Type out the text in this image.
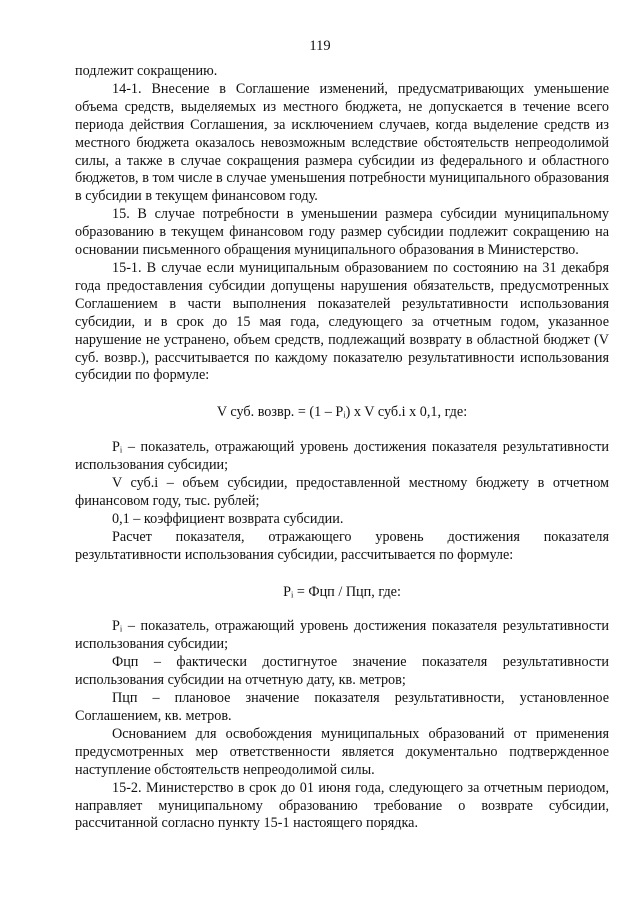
119

подлежит сокращению.

14-1. Внесение в Соглашение изменений, предусматривающих уменьшение объема средств, выделяемых из местного бюджета, не допускается в течение всего периода действия Соглашения, за исключением случаев, когда выделение средств из местного бюджета оказалось невозможным вследствие обстоятельств непреодолимой силы, а также в случае сокращения размера субсидии из федерального и областного бюджетов, в том числе в случае уменьшения потребности муниципального образования в субсидии в текущем финансовом году.

15. В случае потребности в уменьшении размера субсидии муниципальному образованию в текущем финансовом году размер субсидии подлежит сокращению на основании письменного обращения муниципального образования в Министерство.

15-1. В случае если муниципальным образованием по состоянию на 31 декабря года предоставления субсидии допущены нарушения обязательств, предусмотренных Соглашением в части выполнения показателей результативности использования субсидии, и в срок до 15 мая года, следующего за отчетным годом, указанное нарушение не устранено, объем средств, подлежащий возврату в областной бюджет (V суб. возвр.), рассчитывается по каждому показателю результативности использования субсидии по формуле:

V суб. возвр. = (1 – Pᵢ) x V суб.i x 0,1, где:

Pᵢ – показатель, отражающий уровень достижения показателя результативности использования субсидии;

V суб.i – объем субсидии, предоставленной местному бюджету в отчетном финансовом году, тыс. рублей;

0,1 – коэффициент возврата субсидии.

Расчет показателя, отражающего уровень достижения показателя результативности использования субсидии, рассчитывается по формуле:

Pᵢ = Фцп / Пцп, где:

Pᵢ – показатель, отражающий уровень достижения показателя результативности использования субсидии;

Фцп – фактически достигнутое значение показателя результативности использования субсидии на отчетную дату, кв. метров;

Пцп – плановое значение показателя результативности, установленное Соглашением, кв. метров.

Основанием для освобождения муниципальных образований от применения предусмотренных мер ответственности является документально подтвержденное наступление обстоятельств непреодолимой силы.

15-2. Министерство в срок до 01 июня года, следующего за отчетным периодом, направляет муниципальному образованию требование о возврате субсидии, рассчитанной согласно пункту 15-1 настоящего порядка.
